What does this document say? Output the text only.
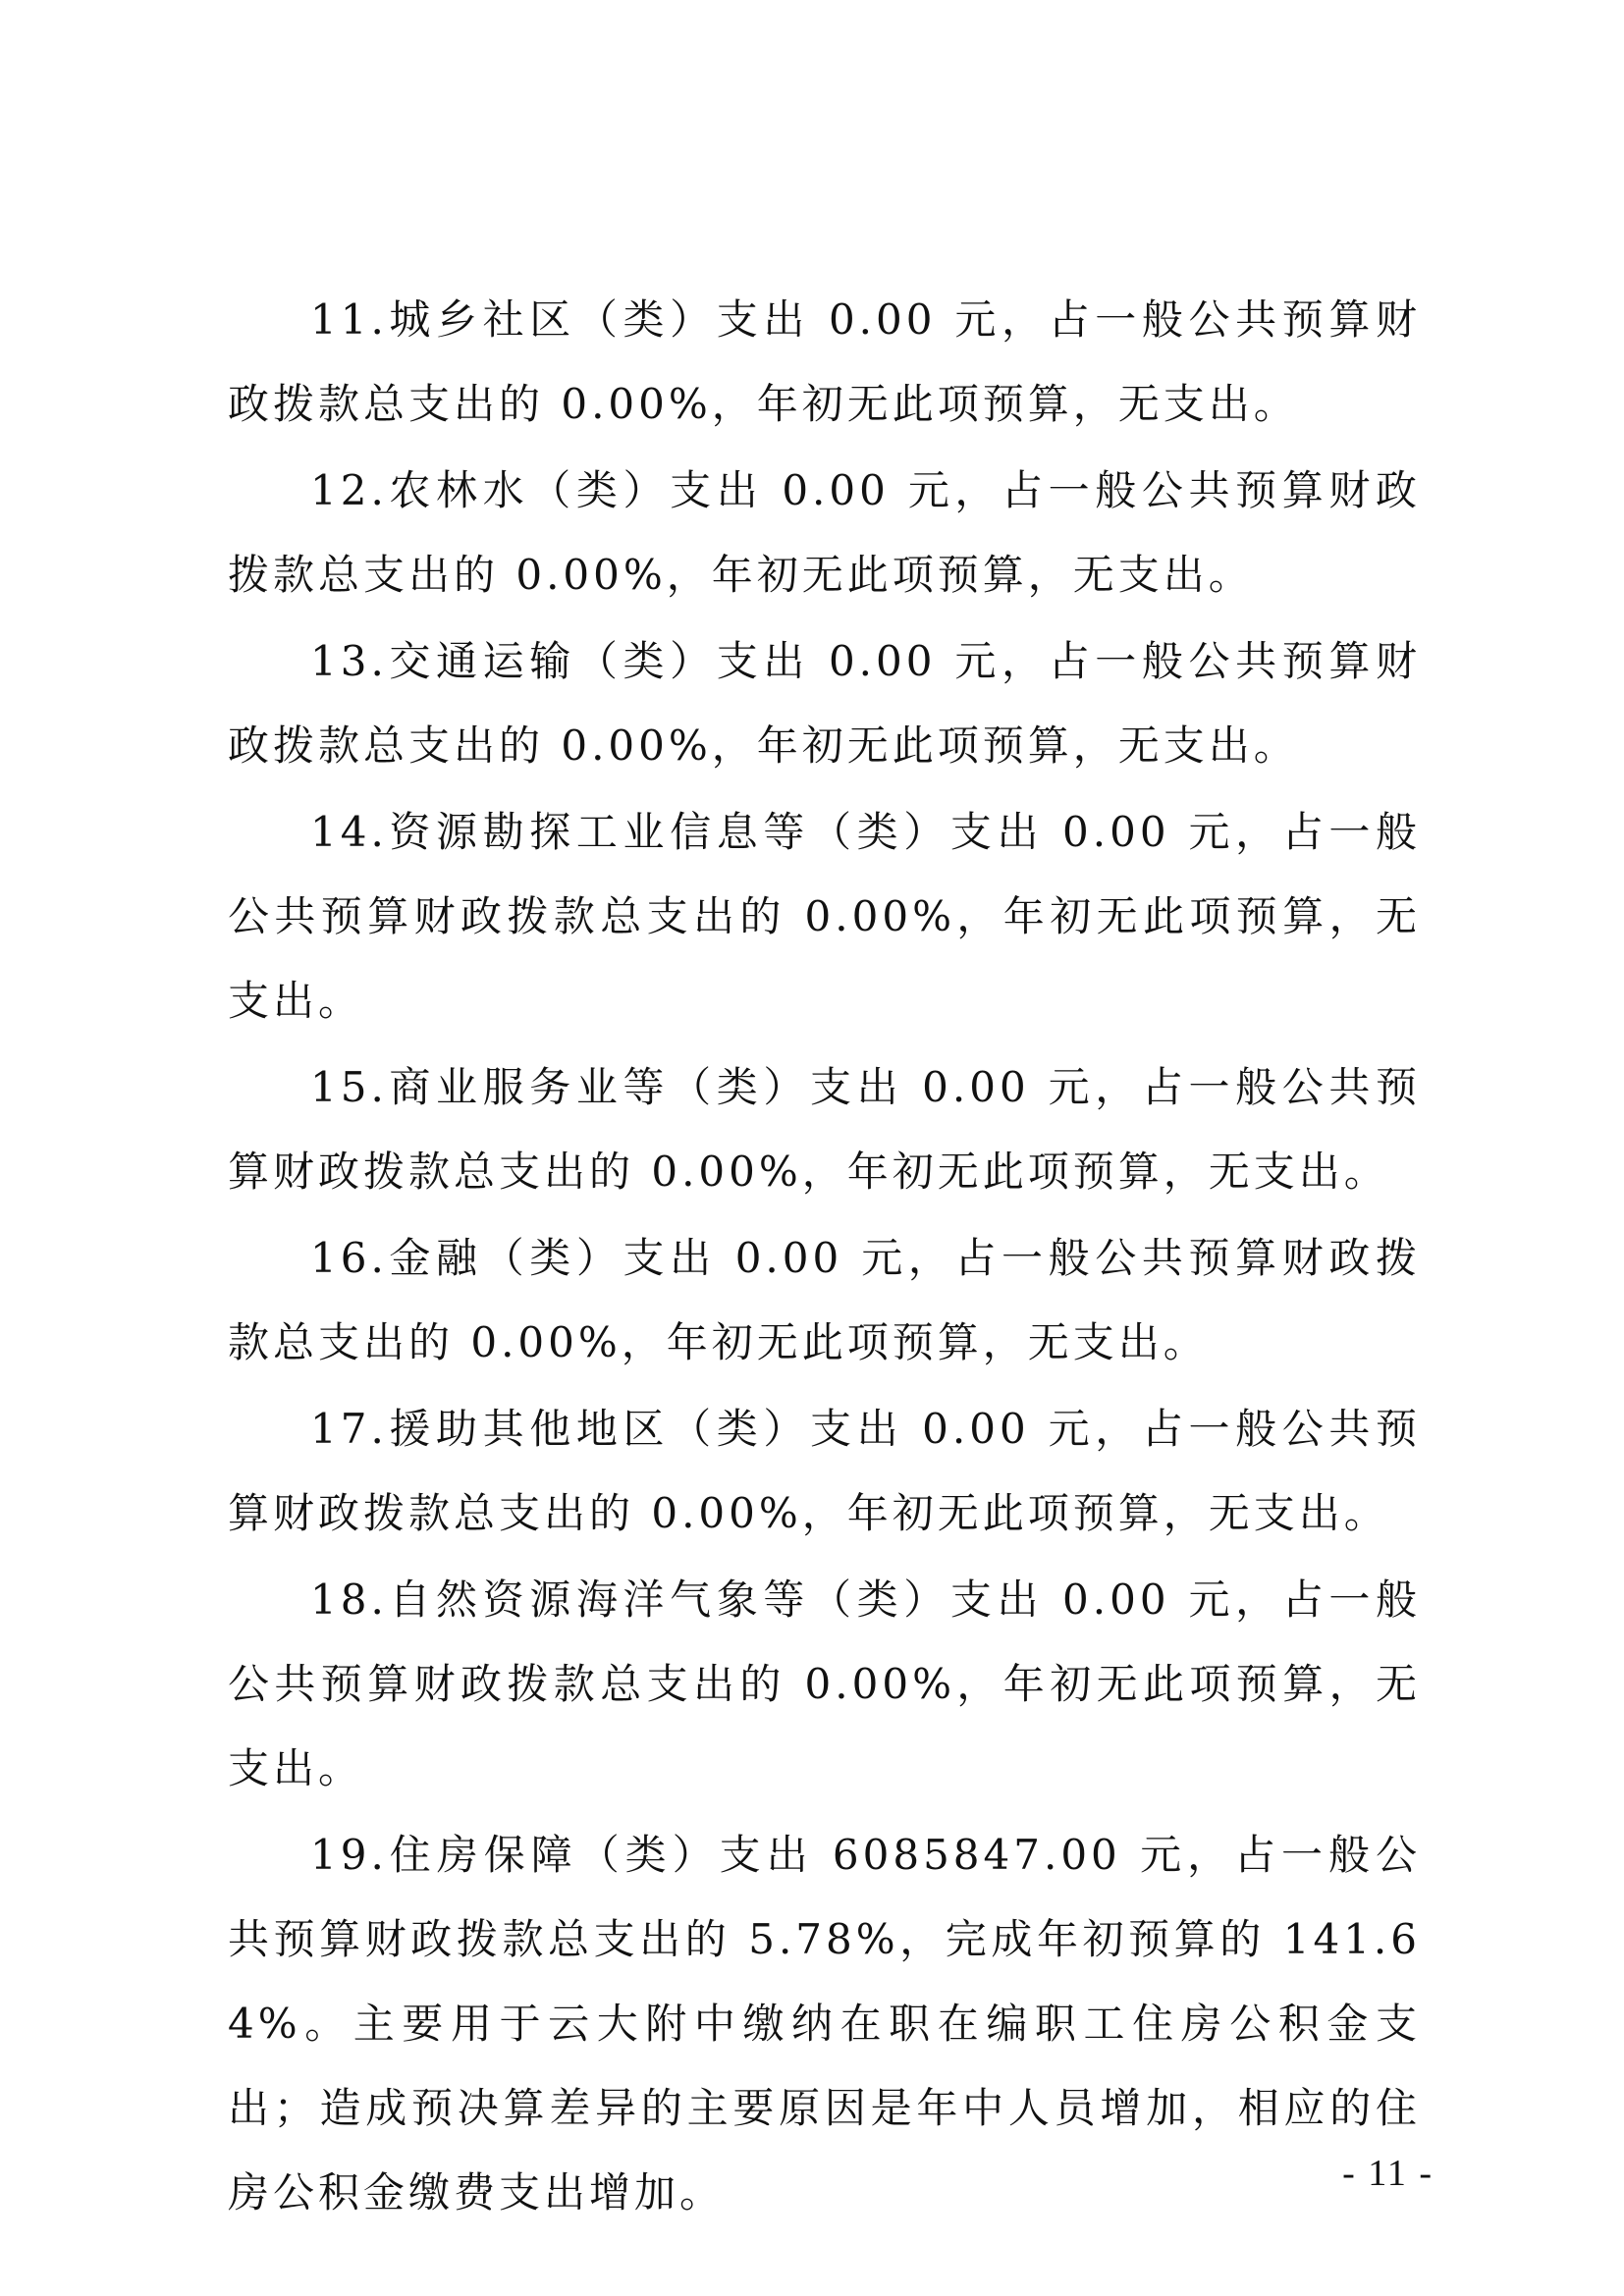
11.城乡社区（类）支出 0.00 元，占一般公共预算财政拨款总支出的 0.00%，年初无此项预算，无支出。

12.农林水（类）支出 0.00 元，占一般公共预算财政拨款总支出的 0.00%，年初无此项预算，无支出。

13.交通运输（类）支出 0.00 元，占一般公共预算财政拨款总支出的 0.00%，年初无此项预算，无支出。

14.资源勘探工业信息等（类）支出 0.00 元，占一般公共预算财政拨款总支出的 0.00%，年初无此项预算，无支出。

15.商业服务业等（类）支出 0.00 元，占一般公共预算财政拨款总支出的 0.00%，年初无此项预算，无支出。

16.金融（类）支出 0.00 元，占一般公共预算财政拨款总支出的 0.00%，年初无此项预算，无支出。

17.援助其他地区（类）支出 0.00 元，占一般公共预算财政拨款总支出的 0.00%，年初无此项预算，无支出。

18.自然资源海洋气象等（类）支出 0.00 元，占一般公共预算财政拨款总支出的 0.00%，年初无此项预算，无支出。

19.住房保障（类）支出 6085847.00 元，占一般公共预算财政拨款总支出的 5.78%，完成年初预算的 141.64%。主要用于云大附中缴纳在职在编职工住房公积金支出；造成预决算差异的主要原因是年中人员增加，相应的住房公积金缴费支出增加。	- 11 -
